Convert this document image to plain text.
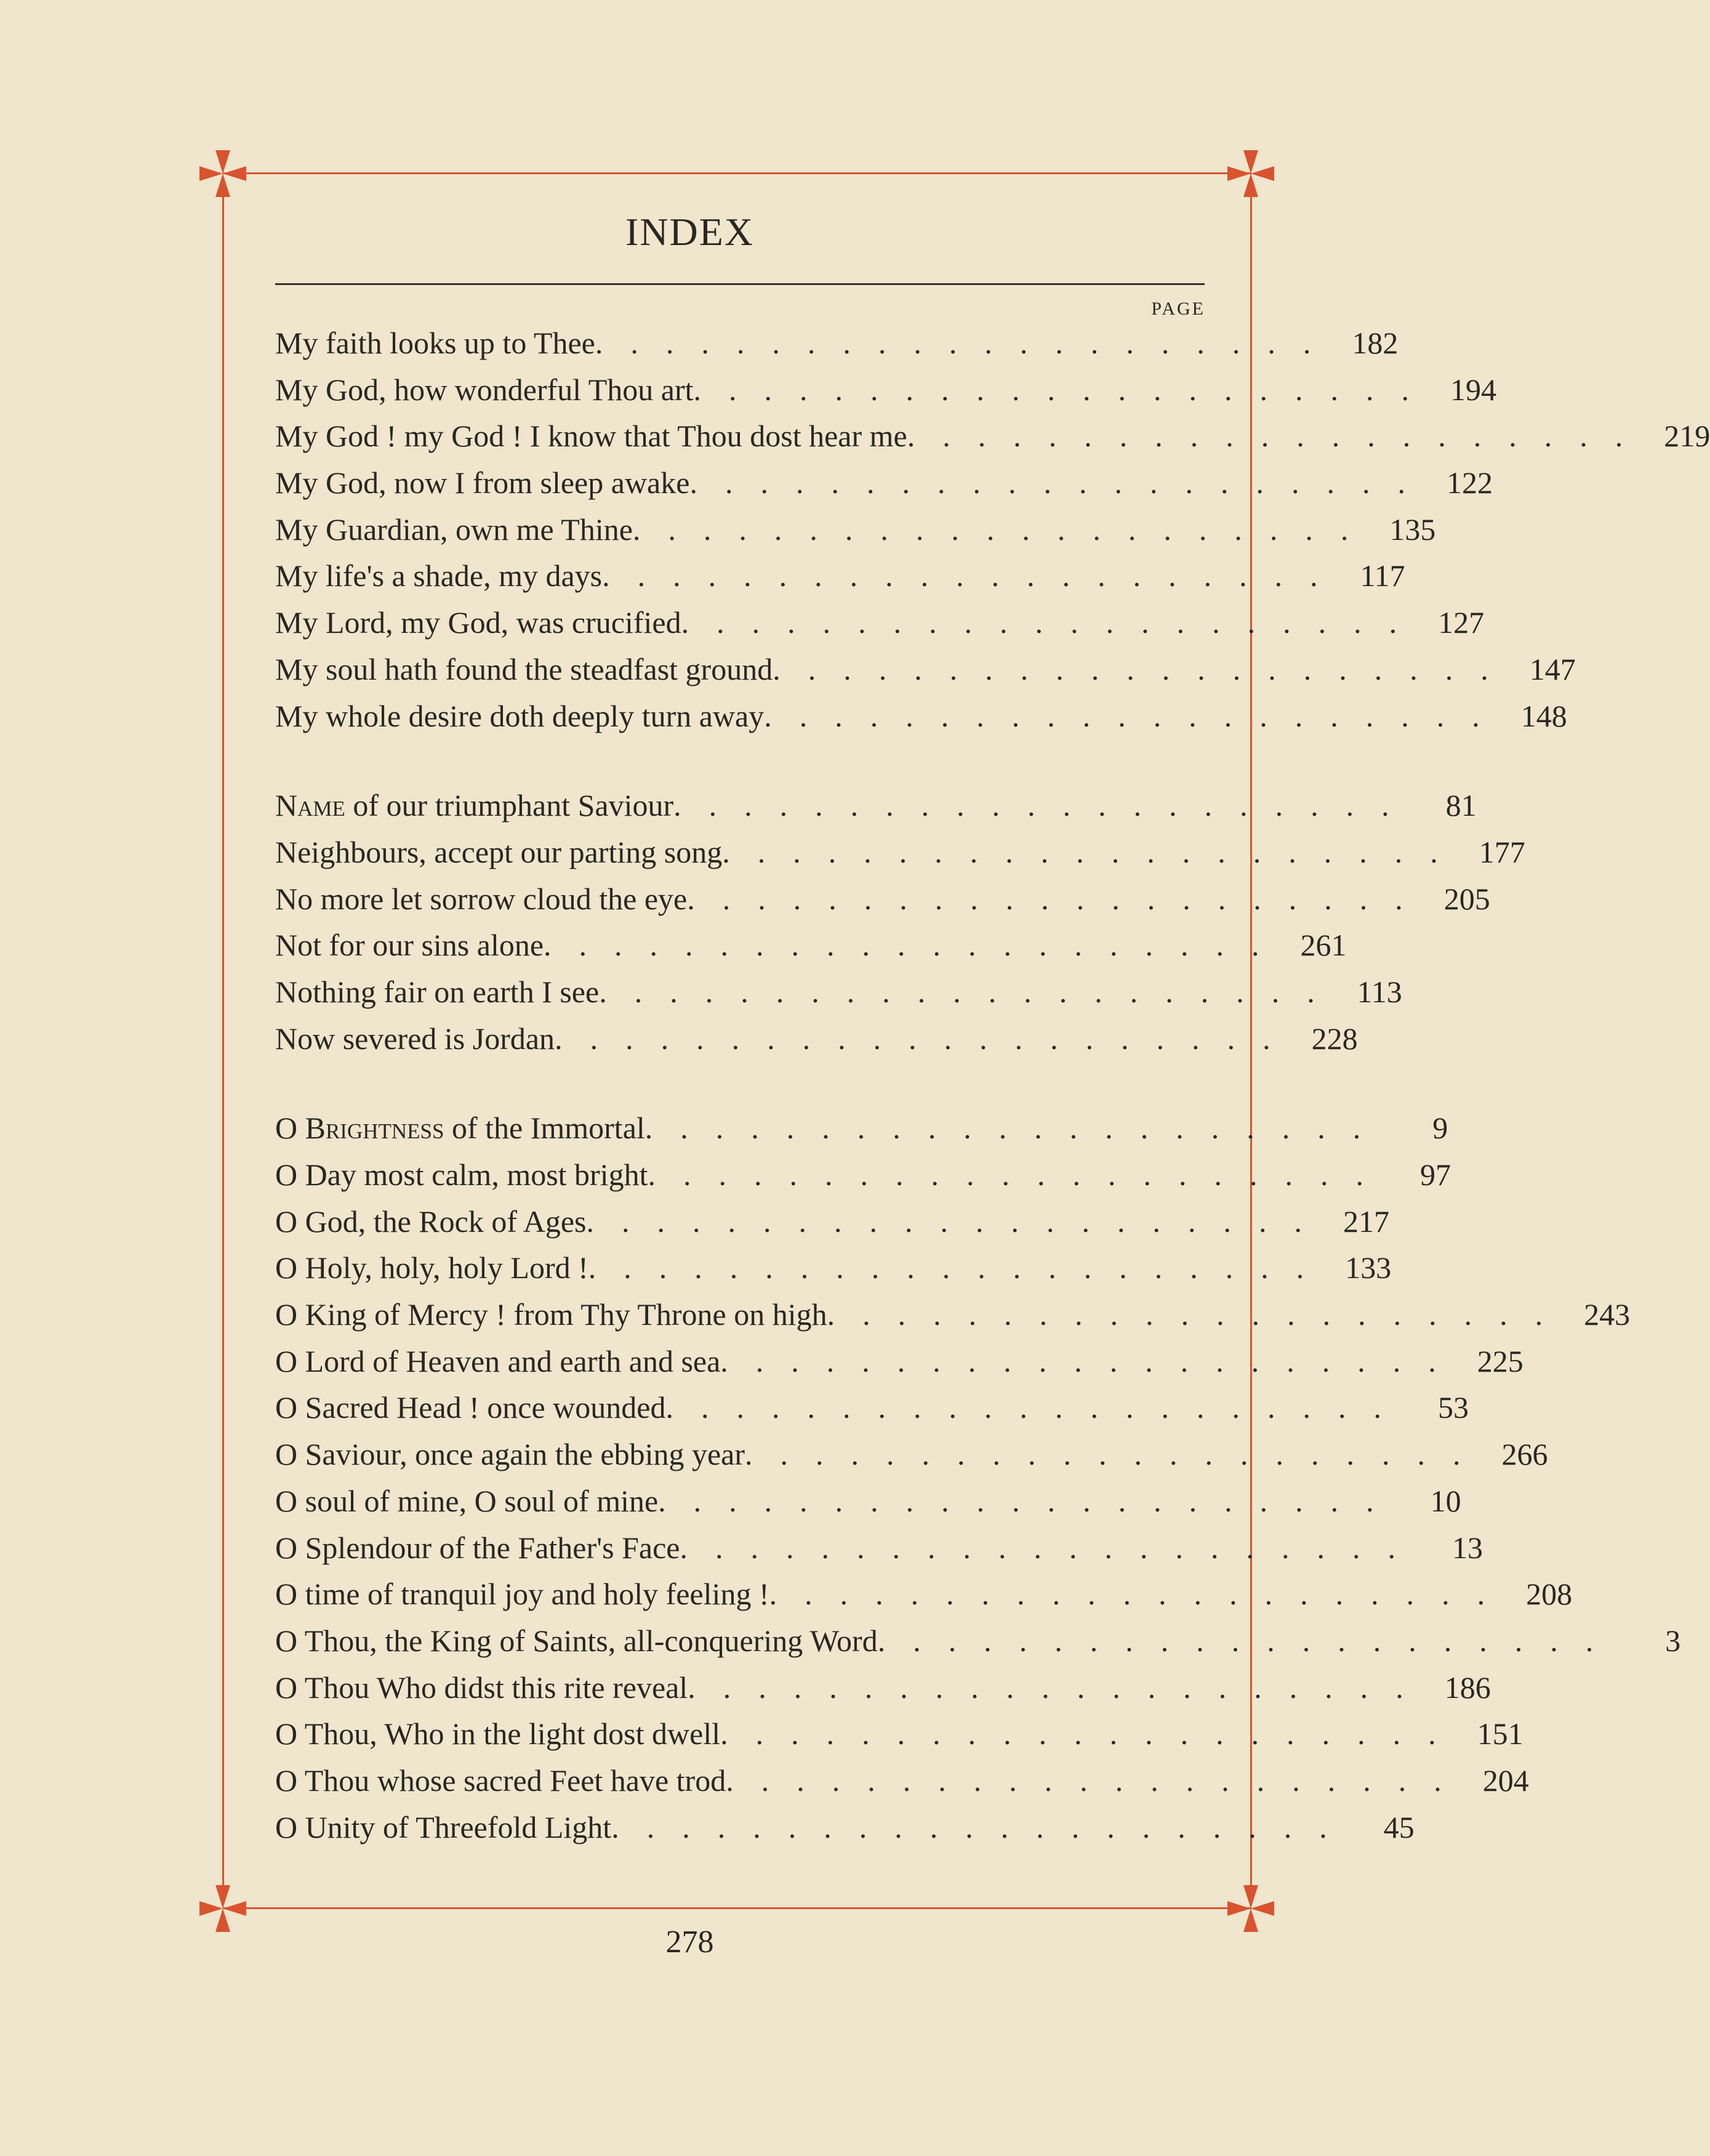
INDEX
PAGE
My faith looks up to Thee ..................... 182
My God, how wonderful Thou art ..................... 194
My God ! my God ! I know that Thou dost hear me ..................... 219
My God, now I from sleep awake ..................... 122
My Guardian, own me Thine ..................... 135
My life's a shade, my days ..................... 117
My Lord, my God, was crucified ..................... 127
My soul hath found the steadfast ground ..................... 147
My whole desire doth deeply turn away ..................... 148
Name of our triumphant Saviour ..................... 81
Neighbours, accept our parting song ..................... 177
No more let sorrow cloud the eye ..................... 205
Not for our sins alone ..................... 261
Nothing fair on earth I see ..................... 113
Now severed is Jordan ..................... 228
O Brightness of the Immortal .....................	9
O Day most calm, most bright ..................... 97
O God, the Rock of Ages ..................... 217
O Holy, holy, holy Lord ! ..................... 133
O King of Mercy ! from Thy Throne on high ..................... 243
O Lord of Heaven and earth and sea ..................... 225
O Sacred Head ! once wounded ..................... 53
O Saviour, once again the ebbing year ..................... 266
O soul of mine, O soul of mine ..................... 10
O Splendour of the Father's Face ..................... 13
O time of tranquil joy and holy feeling ! ..................... 208
O Thou, the King of Saints, all-conquering Word .....................	3
O Thou Who didst this rite reveal ..................... 186
O Thou, Who in the light dost dwell ..................... 151
O Thou whose sacred Feet have trod ..................... 204
O Unity of Threefold Light ..................... 45
278
